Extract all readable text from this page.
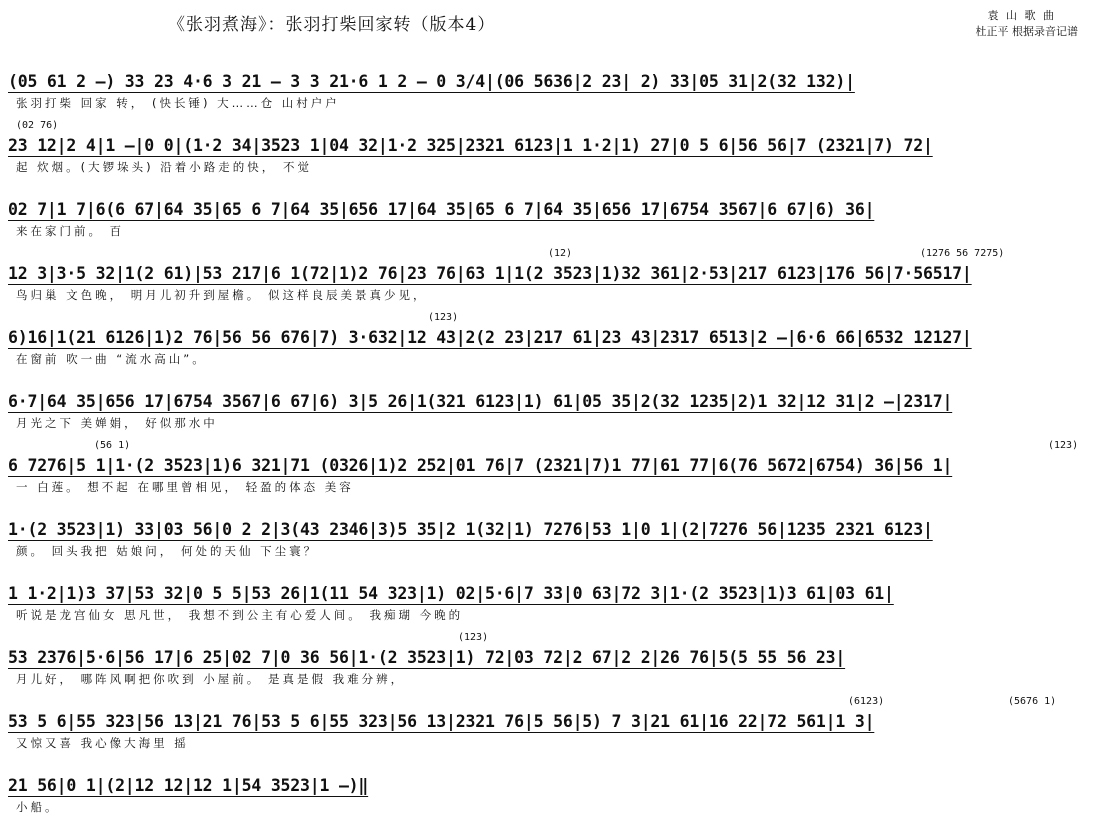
《张羽煮海》：张羽打柴回家转（版本4）	袁 山 歌 曲
杜正平 根据录音记谱
(05 61 2 —) 33 23 4·6 3 21 — 3 3 21·6 1 2 — 0 3/4|(06 5636|2 23| 2) 33|05 31|2(32 132)|
张羽打柴 回家 转， (快长锤) 大……仓 山村户户
(02 76)
23 12|2 4|1 —|0 0|(1·2 34|3523 1|04 32|1·2 325|2321 6123|1 1·2|1) 27|0 5 6|56 56|7 (2321|7) 72|
起 炊烟。(大锣垛头) 沿着小路走的快， 不觉
02 7|1 7|6(6 67|64 35|65 6 7|64 35|656 17|64 35|65 6 7|64 35|656 17|6754 3567|6 67|6) 36|
来在家门前。 百
(12)	(1276 56 7275)
12 3|3·5 32|1(2 61)|53 217|6 1(72|1)2 76|23 76|63 1|1(2 3523|1)32 361|2·53|217 6123|176 56|7·56517|
鸟归巢 文色晚， 明月儿初升到屋檐。 似这样良辰美景真少见，
(123)
6)16|1(21 6126|1)2 76|56 56 676|7) 3·632|12 43|2(2 23|217 61|23 43|2317 6513|2 —|6·6 66|6532 12127|
在窗前 吹一曲 “流水高山”。
6·7|64 35|656 17|6754 3567|6 67|6) 3|5 26|1(321 6123|1) 61|05 35|2(32 1235|2)1 32|12 31|2 —|2317|
月光之下 美婵娟， 好似那水中
(56 1)	(123)
6 7276|5 1|1·(2 3523|1)6 321|71 (0326|1)2 252|01 76|7 (2321|7)1 77|61 77|6(76 5672|6754) 36|56 1|
一 白莲。 想不起 在哪里曾相见， 轻盈的体态 美容
1·(2 3523|1) 33|03 56|0 2 2|3(43 2346|3)5 35|2 1(32|1) 7276|53 1|0 1|(2|7276 56|1235 2321 6123|
颜。 回头我把 姑娘问， 何处的天仙 下尘寰？
1 1·2|1)3 37|53 32|0 5 5|53 26|1(11 54 323|1) 02|5·6|7 33|0 63|72 3|1·(2 3523|1)3 61|03 61|
听说是龙宫仙女 思凡世， 我想不到公主有心爱人间。 我痴瑚 今晚的
(123)
53 2376|5·6|56 17|6 25|02 7|0 36 56|1·(2 3523|1) 72|03 72|2 67|2 2|26 76|5(5 55 56 23|
月儿好， 哪阵风啊把你吹到 小屋前。 是真是假 我难分辨，
(6123)	(5676 1)
53 5 6|55 323|56 13|21 76|53 5 6|55 323|56 13|2321 76|5 56|5) 7 3|21 61|16 22|72 561|1 3|
又惊又喜 我心像大海里 摇
21 56|0 1|(2|12 12|12 1|54 3523|1 —)‖
小船。
